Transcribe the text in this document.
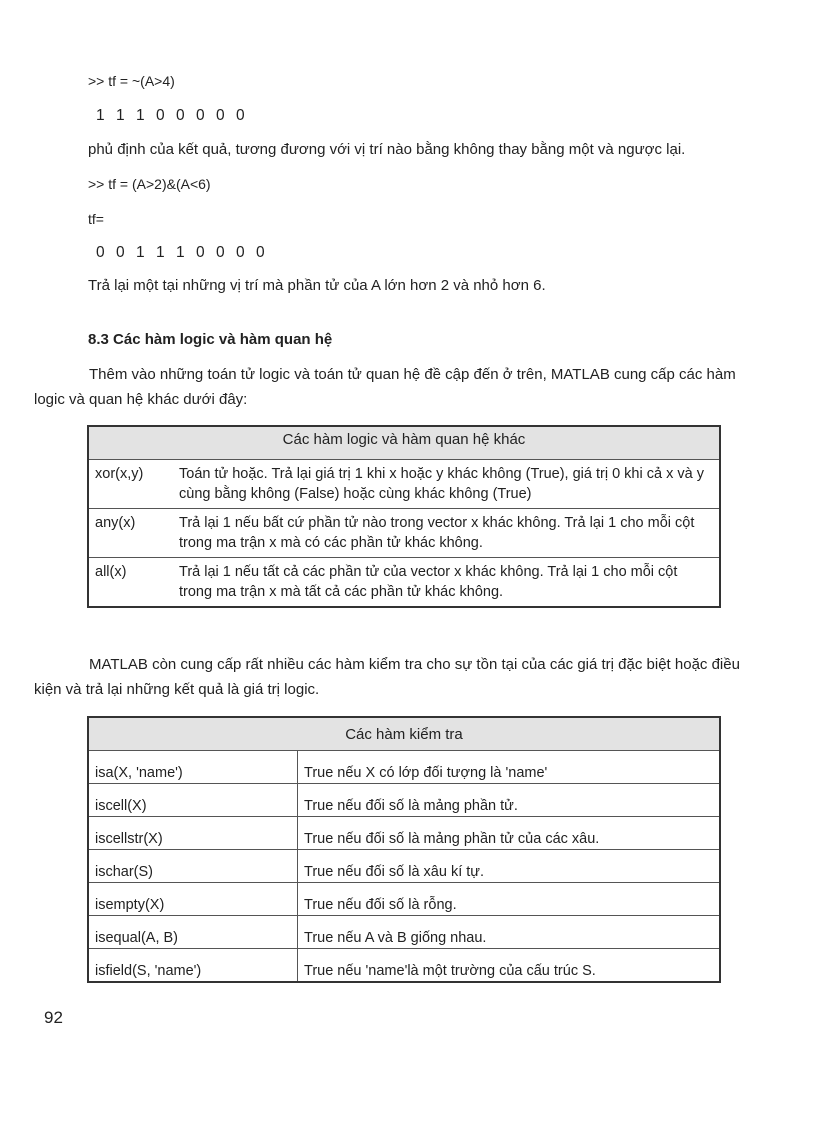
>> tf = ~(A>4)
1 1 1 0 0 0 0 0
phủ định của kết quả, tương đương với vị trí nào bằng không thay bằng một và ngược lại.
>> tf = (A>2)&(A<6)
tf=
0 0 1 1 1 0 0 0 0
Trả lại một tại những vị trí mà phần tử của A lớn hơn 2 và nhỏ hơn 6.
8.3 Các hàm logic và hàm quan hệ
Thêm vào những toán tử logic và toán tử quan hệ đề cập đến ở trên, MATLAB cung cấp các hàm logic và quan hệ khác dưới đây:
Các hàm logic và hàm quan hệ khác	
xor(x,y)	Toán tử hoặc. Trả lại giá trị 1 khi x hoặc y khác không (True), giá trị 0 khi cả x và y cùng bằng không (False) hoặc cùng khác không (True)
any(x)	Trả lại 1 nếu bất cứ phần tử nào trong vector x khác không. Trả lại 1 cho mỗi cột trong ma trận x mà có các phần tử khác không.
all(x)	Trả lại 1 nếu tất cả các phần tử của vector x khác không. Trả lại 1 cho mỗi cột trong ma trận x mà tất cả các phần tử khác không.
MATLAB còn cung cấp rất nhiều các hàm kiểm tra cho sự tồn tại của các giá trị đặc biệt hoặc điều kiện và trả lại những kết quả là giá trị logic.
Các hàm kiểm tra	
isa(X, 'name')	True nếu X có lớp đối tượng là 'name'
iscell(X)	True nếu đối số là mảng phần tử.
iscellstr(X)	True nếu đối số là mảng phần tử của các xâu.
ischar(S)	True nếu đối số là xâu kí tự.
isempty(X)	True nếu đối số là rỗng.
isequal(A, B)	True nếu A và B giống nhau.
isfield(S, 'name')	True nếu 'name'là một trường của cấu trúc S.
92
